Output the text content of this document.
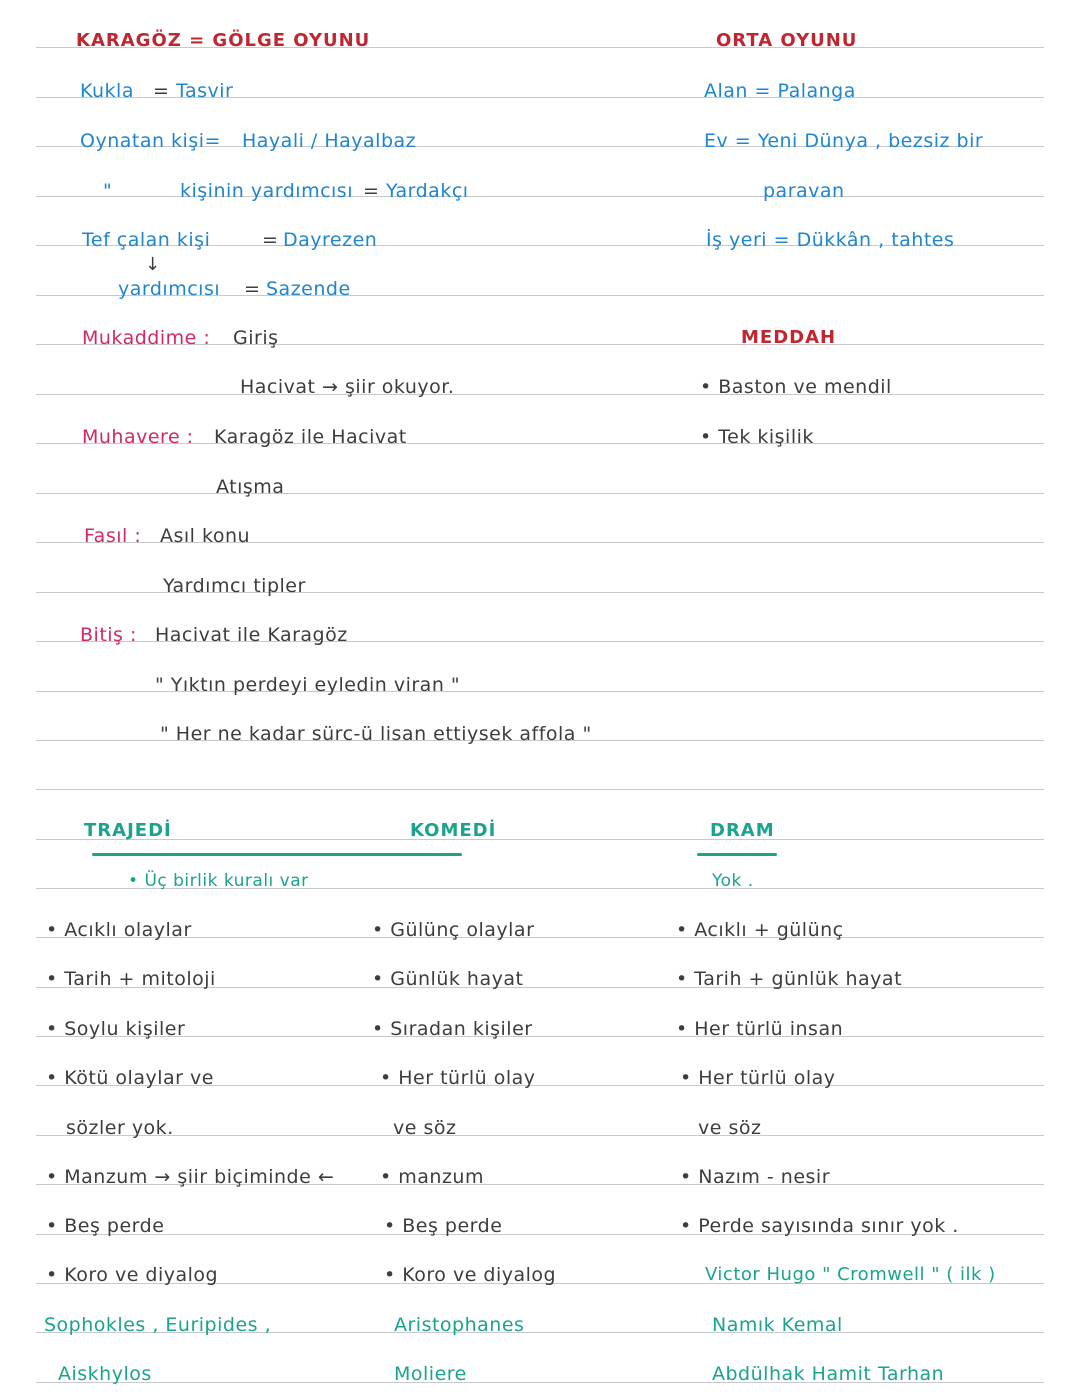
KARAGÖZ = GÖLGE OYUNU
Kukla = Tasvir
Oynatan kişi= Hayali / Hayalbaz
"	kişinin yardımcısı = Yardakçı
Tef çalan kişi	= Dayrezen
↓
yardımcısı = Sazende
Mukaddime : Giriş
Hacivat → şiir okuyor.
Muhavere : Karagöz ile Hacivat
Atışma
Fasıl : Asıl konu
Yardımcı tipler
Bitiş : Hacivat ile Karagöz
" Yıktın perdeyi eyledin viran "
" Her ne kadar sürc-ü lisan ettiysek affola "
ORTA OYUNU
Alan = Palanga
Ev = Yeni Dünya , bezsiz bir
paravan
İş yeri = Dükkân , tahtes
MEDDAH
• Baston ve mendil
• Tek kişilik
TRAJEDİ
• Üç birlik kuralı var
• Acıklı olaylar
• Tarih + mitoloji
• Soylu kişiler
• Kötü olaylar ve
sözler yok.
• Manzum → şiir biçiminde ←
• Beş perde
• Koro ve diyalog
Sophokles , Euripides ,
Aiskhylos
KOMEDİ
• Gülünç olaylar
• Günlük hayat
• Sıradan kişiler
• Her türlü olay
ve söz
• manzum
• Beş perde
• Koro ve diyalog
Aristophanes
Moliere
DRAM
Yok .
• Acıklı + gülünç
• Tarih + günlük hayat
• Her türlü insan
• Her türlü olay
ve söz
• Nazım - nesir
• Perde sayısında sınır yok .
Victor Hugo " Cromwell " ( ilk )
Namık Kemal
Abdülhak Hamit Tarhan
